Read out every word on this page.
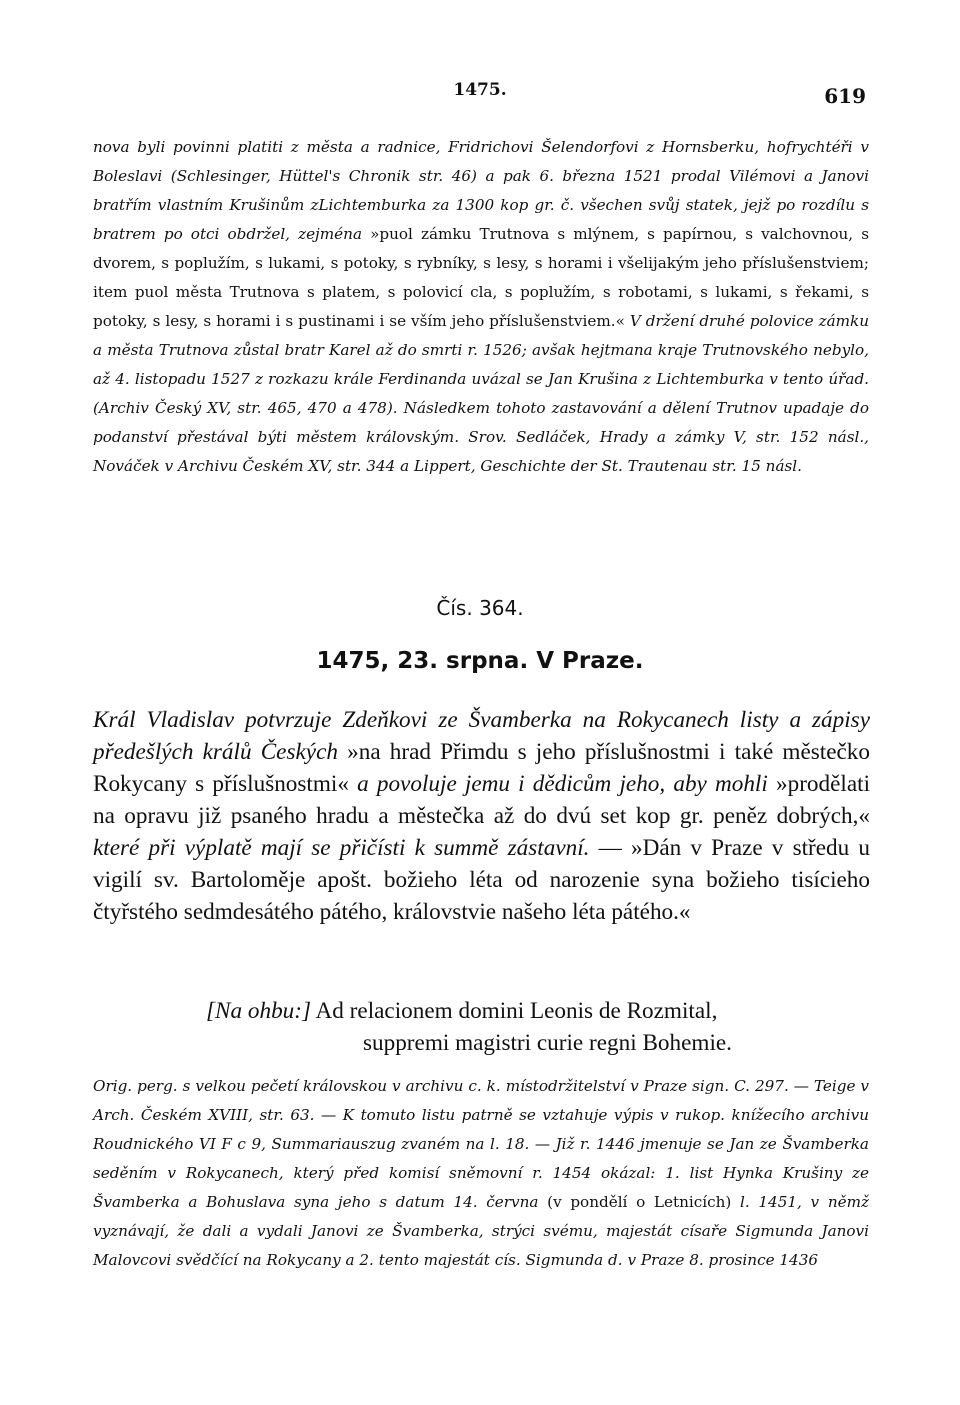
1475.	619
nova byli povinni platiti z města a radnice, Fridrichovi Šelendorfovi z Hornsberku, hofrychtéři v Boleslavi (Schlesinger, Hüttel's Chronik str. 46) a pak 6. března 1521 prodal Vilémovi a Janovi bratřím vlastním Krušinům zLichtemburka za 1300 kop gr. č. všechen svůj statek, jejž po rozdílu s bratrem po otci obdržel, zejména »puol zámku Trutnova s mlýnem, s papírnou, s valchovnou, s dvorem, s poplužím, s lukami, s potoky, s rybníky, s lesy, s horami i všelijakým jeho příslušenstviem; item puol města Trutnova s platem, s polovicí cla, s poplužím, s robotami, s lukami, s řekami, s potoky, s lesy, s horami i s pustinami i se vším jeho příslušenstviem.« V držení druhé polovice zámku a města Trutnova zůstal bratr Karel až do smrti r. 1526; avšak hejtmana kraje Trutnovského nebylo, až 4. listopadu 1527 z rozkazu krále Ferdinanda uvázal se Jan Krušina z Lichtemburka v tento úřad. (Archiv Český XV, str. 465, 470 a 478). Následkem tohoto zastavování a dělení Trutnov upadaje do podanství přestával býti městem královským. Srov. Sedláček, Hrady a zámky V, str. 152 násl., Nováček v Archivu Českém XV, str. 344 a Lippert, Geschichte der St. Trautenau str. 15 násl.
Čís. 364.
1475, 23. srpna. V Praze.
Král Vladislav potvrzuje Zdeňkovi ze Švamberka na Rokycanech listy a zápisy předešlých králů Českých »na hrad Přimdu s jeho příslušnostmi i také městečko Rokycany s příslušnostmi« a povoluje jemu i dědicům jeho, aby mohli »prodělati na opravu již psaného hradu a městečka až do dvú set kop gr. peněz dobrých,« které při výplatě mají se přičísti k summě zástavní. — »Dán v Praze v středu u vigilí sv. Bartoloměje apošt. božieho léta od narozenie syna božieho tisícieho čtyřstého sedmdesátého pátého, královstvie našeho léta pátého.«
[Na ohbu:] Ad relacionem domini Leonis de Rozmital,
suppremi magistri curie regni Bohemie.
Orig. perg. s velkou pečetí královskou v archivu c. k. místodržitelství v Praze sign. C. 297. — Teige v Arch. Českém XVIII, str. 63. — K tomuto listu patrně se vztahuje výpis v rukop. knížecího archivu Roudnického VI F c 9, Summariauszug zvaném na l. 18. — Již r. 1446 jmenuje se Jan ze Švamberka seděním v Rokycanech, který před komisí sněmovní r. 1454 okázal: 1. list Hynka Krušiny ze Švamberka a Bohuslava syna jeho s datum 14. června (v pondělí o Letnicích) l. 1451, v němž vyznávají, že dali a vydali Janovi ze Švamberka, strýci svému, majestát císaře Sigmunda Janovi Malovcovi svědčící na Rokycany a 2. tento majestát cís. Sigmunda d. v Praze 8. prosince 1436
